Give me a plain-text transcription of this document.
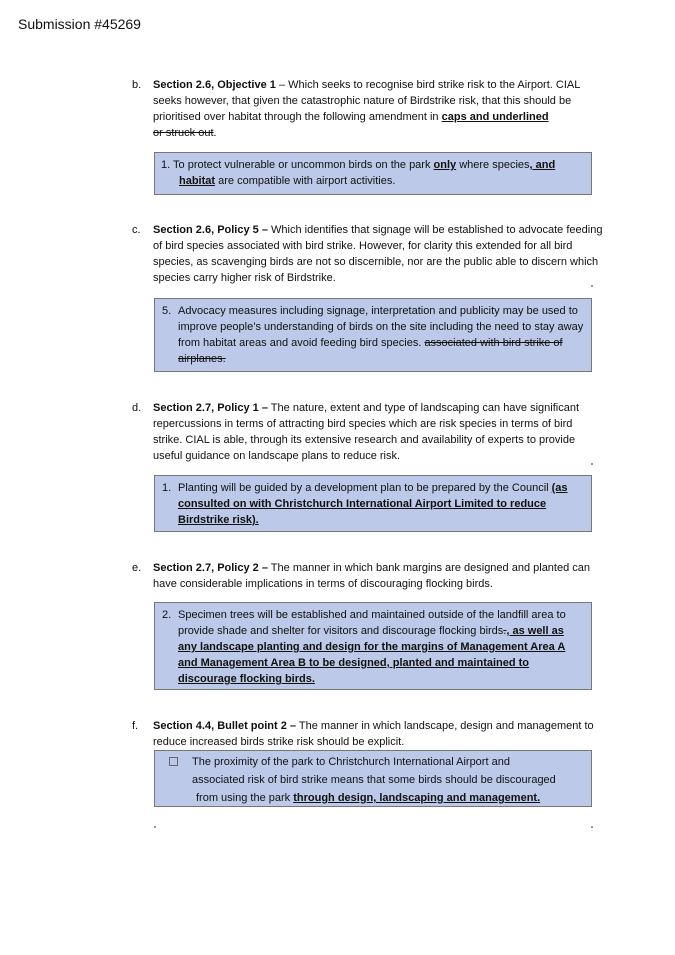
Submission #45269
b.	Section 2.6, Objective 1 – Which seeks to recognise bird strike risk to the Airport. CIAL seeks however, that given the catastrophic nature of Birdstrike risk, that this should be prioritised over habitat through the following amendment in caps and underlined
or struck out.
1. To protect vulnerable or uncommon birds on the park only where species, and
habitat are compatible with airport activities.
c.	Section 2.6, Policy 5 – Which identifies that signage will be established to advocate feeding of bird species associated with bird strike. However, for clarity this extended for all bird species, as scavenging birds are not so discernible, nor are the public able to discern which species carry higher risk of Birdstrike.
5. Advocacy measures including signage, interpretation and publicity may be used to improve people’s understanding of birds on the site including the need to stay away from habitat areas and avoid feeding bird species. associated with bird strike of airplanes.
d.	Section 2.7, Policy 1 – The nature, extent and type of landscaping can have significant repercussions in terms of attracting bird species which are risk species in terms of bird strike. CIAL is able, through its extensive research and availability of experts to provide useful guidance on landscape plans to reduce risk.
1. Planting will be guided by a development plan to be prepared by the Council (as consulted on with Christchurch International Airport Limited to reduce Birdstrike risk).
e.	Section 2.7, Policy 2 – The manner in which bank margins are designed and planted can have considerable implications in terms of discouraging flocking birds.
2. Specimen trees will be established and maintained outside of the landfill area to provide shade and shelter for visitors and discourage flocking birds., as well as any landscape planting and design for the margins of Management Area A and Management Area B to be designed, planted and maintained to discourage flocking birds.
f.	Section 4.4, Bullet point 2 – The manner in which landscape, design and management to reduce increased birds strike risk should be explicit.
The proximity of the park to Christchurch International Airport and
associated risk of bird strike means that some birds should be discouraged
from using the park through design, landscaping and management.
